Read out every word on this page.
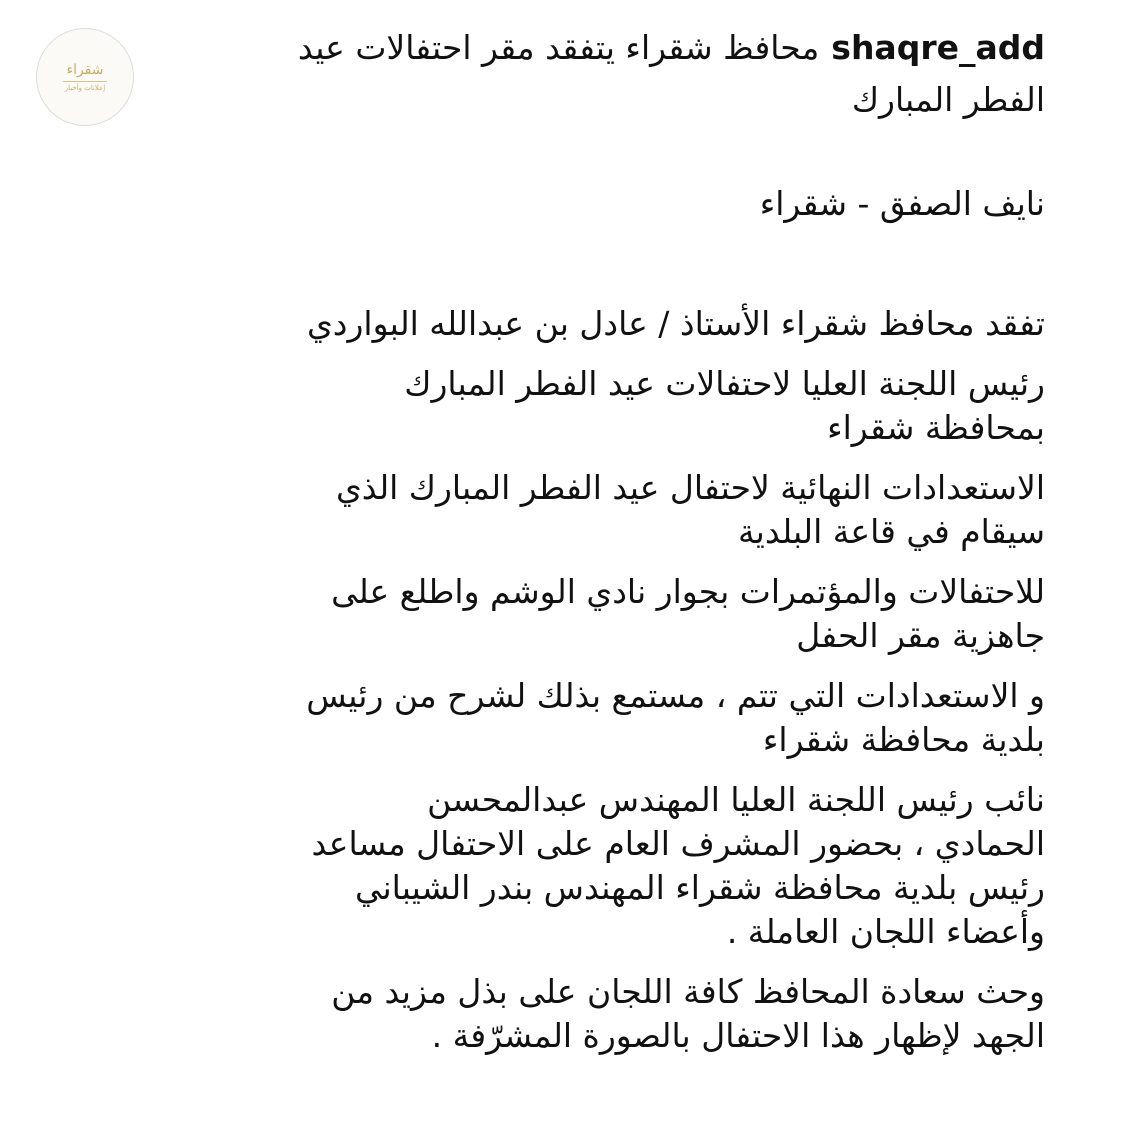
شقراء
إعلانات وأخبار
shaqre_addمحافظ شقراء يتفقد مقر احتفالات عيد
الفطر المبارك
نايف الصفق - شقراء
تفقد محافظ شقراء الأستاذ / عادل بن عبدالله البواردي
رئيس اللجنة العليا لاحتفالات عيد الفطر المبارك
بمحافظة شقراء
الاستعدادات النهائية لاحتفال عيد الفطر المبارك الذي
سيقام في قاعة البلدية
للاحتفالات والمؤتمرات بجوار نادي الوشم واطلع على
جاهزية مقر الحفل
و الاستعدادات التي تتم ، مستمع بذلك لشرح من رئيس
بلدية محافظة شقراء
نائب رئيس اللجنة العليا المهندس عبدالمحسن
الحمادي ، بحضور المشرف العام على الاحتفال مساعد
رئيس بلدية محافظة شقراء المهندس بندر الشيباني
وأعضاء اللجان العاملة .
وحث سعادة المحافظ كافة اللجان على بذل مزيد من
الجهد لإظهار هذا الاحتفال بالصورة المشرّفة .
